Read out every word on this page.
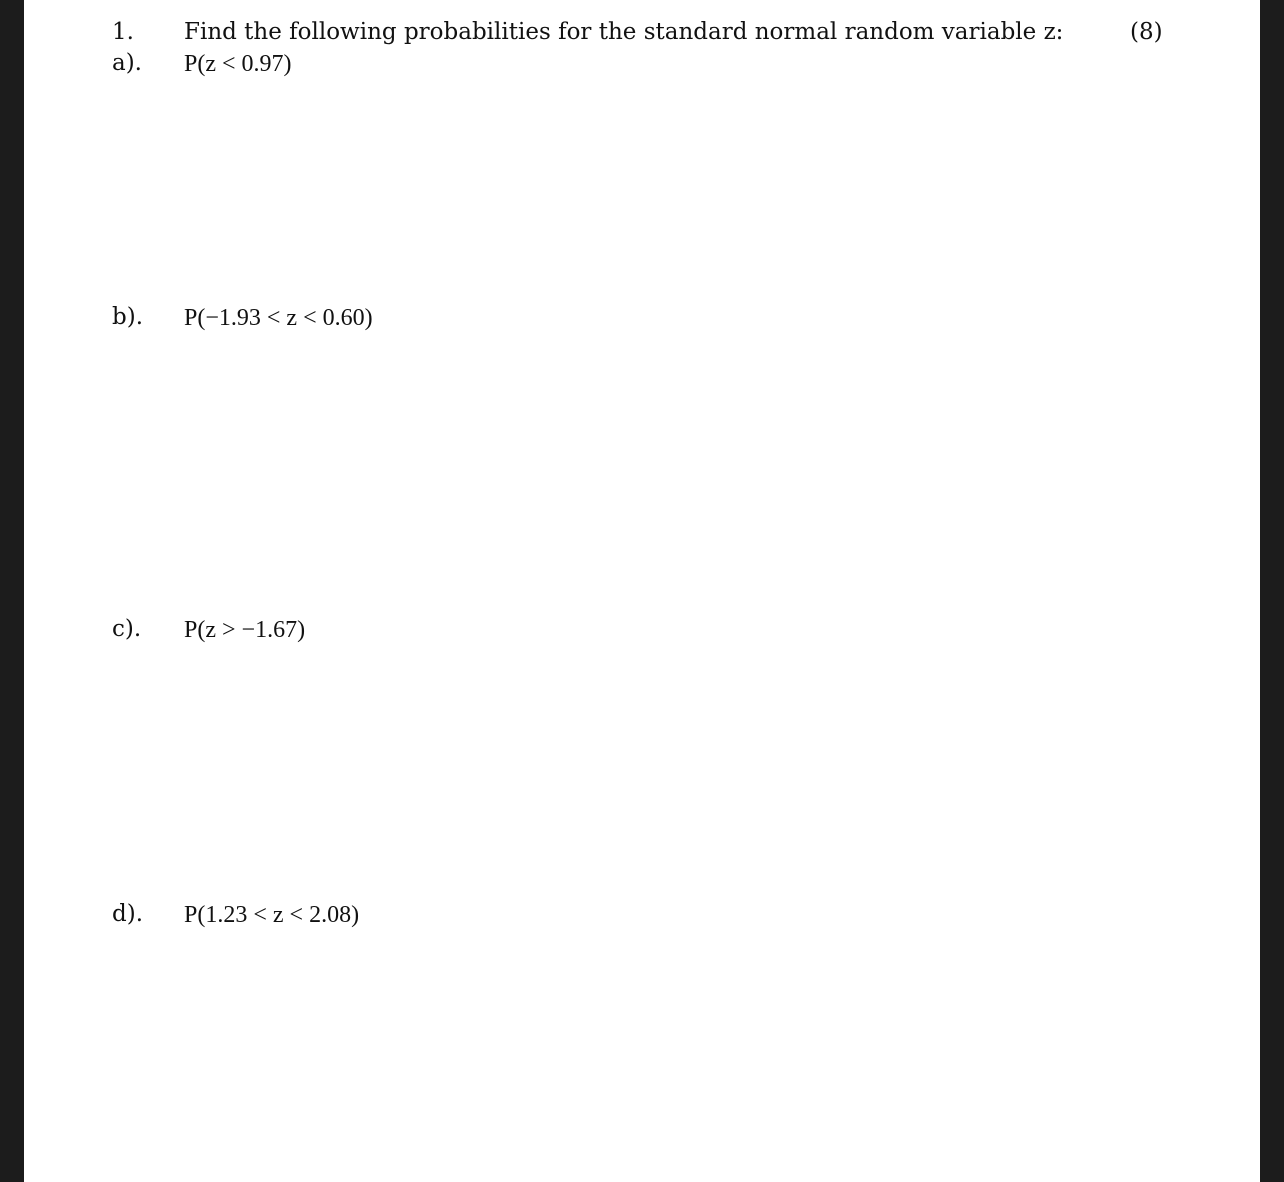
1. Find the following probabilities for the standard normal random variable z:	(8)
a). P(z < 0.97)
b). P(−1.93 < z < 0.60)
c). P(z > −1.67)
d). P(1.23 < z < 2.08)
